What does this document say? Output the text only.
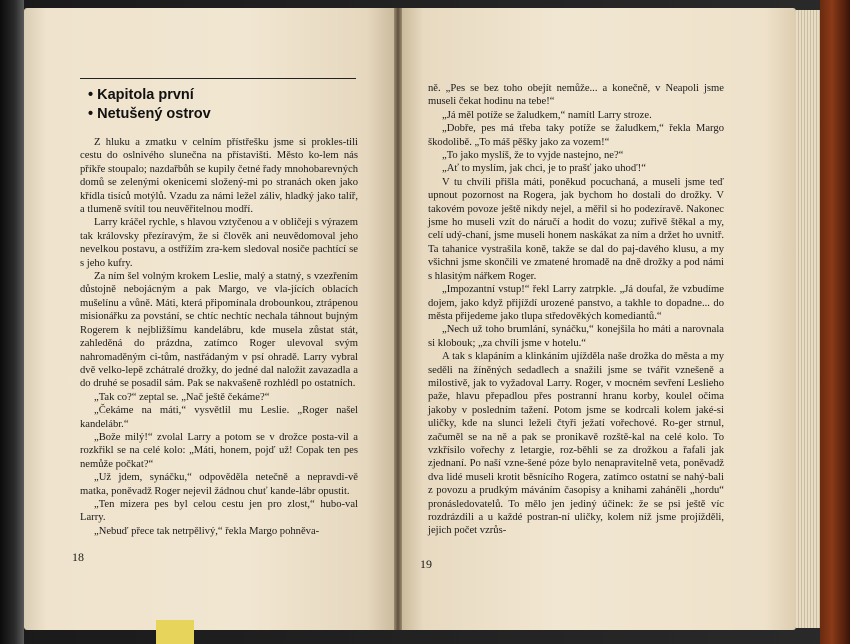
• Kapitola první
• Netušený ostrov

Z hluku a zmatku v celním přístřešku jsme si prokles-tili cestu do oslnivého slunečna na přístavišti. Město ko-lem nás příkře stoupalo; nazdařbůh se kupily četné řady mnohobarevných domů se zelenými okenicemi složený-mi po stranách oken jako křídla tisíců motýlů. Vzadu za námi ležel záliv, hladký jako talíř, a tlumeně svítil tou neuvěřitelnou modří.

Larry kráčel rychle, s hlavou vztyčenou a v obličeji s výrazem tak královsky přezíravým, že si člověk ani neuvědomoval jeho nevelkou postavu, a ostřížím zra-kem sledoval nosiče pachtící se s jeho kufry.

Za ním šel volným krokem Leslie, malý a statný, s vzezřením důstojně nebojácným a pak Margo, ve vla-jících oblacích mušelínu a vůně. Máti, která připomínala drobounkou, ztrápenou misionářku za povstání, se chtíc nechtíc nechala táhnout bujným Rogerem k nejbližšímu kandelábru, kde musela zůstat stát, zahleděná do prázdna, zatímco Roger ulevoval svým nahromaděným ci-tům, nastřádaným v psí ohradě. Larry vybral dvě velko-lepě zchátralé drožky, do jedné dal naložit zavazadla a do druhé se posadil sám. Pak se nakvašeně rozhlédl po ostatních.

„Tak co?“ zeptal se. „Nač ještě čekáme?“

„Čekáme na máti,“ vysvětlil mu Leslie. „Roger našel kandelábr.“

„Bože milý!“ zvolal Larry a potom se v drožce posta-vil a rozkřikl se na celé kolo: „Máti, honem, pojď už! Copak ten pes nemůže počkat?“

„Už jdem, synáčku,“ odpověděla netečně a nepravdi-vě matka, poněvadž Roger nejevil žádnou chuť kande-lábr opustit.

„Ten mizera pes byl celou cestu jen pro zlost,“ hubo-val Larry.

„Nebuď přece tak netrpělivý,“ řekla Margo pohněva-

ně. „Pes se bez toho obejít nemůže... a konečně, v Neapoli jsme museli čekat hodinu na tebe!“

„Já měl potíže se žaludkem,“ namítl Larry stroze.

„Dobře, pes má třeba taky potíže se žaludkem,“ řekla Margo škodolibě. „To máš pěšky jako za vozem!“

„To jako myslíš, že to vyjde nastejno, ne?“

„Ať to myslím, jak chci, je to prašť jako uhoď!“

V tu chvíli přišla máti, poněkud pocuchaná, a museli jsme teď upnout pozornost na Rogera, jak bychom ho dostali do drožky. V takovém povoze ještě nikdy nejel, a měřil si ho podezíravě. Nakonec jsme ho museli vzít do náručí a hodit do vozu; zuřivě štěkal a my, celí udý-chaní, jsme museli honem naskákat za ním a držet ho uvnitř. Ta tahanice vystrašila koně, takže se dal do paj-davého klusu, a my všichni jsme skončili ve zmatené hromadě na dně drožky a pod námi s hlasitým nářkem Roger.

„Impozantní vstup!“ řekl Larry zatrpkle. „Já doufal, že vzbudíme dojem, jako když přijíždí urozené panstvo, a takhle to dopadne... do města přijedeme jako tlupa středověkých komediantů.“

„Nech už toho brumlání, synáčku,“ konejšila ho máti a narovnala si klobouk; „za chvíli jsme v hotelu.“

A tak s klapáním a klinkáním ujížděla naše drožka do města a my seděli na žíněných sedadlech a snažili jsme se tvářit vznešeně a milostivě, jak to vyžadoval Larry. Roger, v mocném sevření Leslieho paže, hlavu přepadlou přes postranní hranu korby, koulel očima jakoby v posledním tažení. Potom jsme se kodrcali kolem jaké-si uličky, kde na slunci leželi čtyři ježatí vořechové. Ro-ger strnul, začuměl se na ně a pak se pronikavě rozště-kal na celé kolo. To vzkřísilo vořechy z letargie, roz-běhli se za drožkou a řafali jak zjednaní. Po naší vzne-šené póze bylo nenapravitelně veta, poněvadž dva lidé museli krotit běsnícího Rogera, zatímco ostatní se nahý-bali z povozu a prudkým máváním časopisy a knihami zaháněli „hordu“ pronásledovatelů. To mělo jen jediný účinek: že se psi ještě víc rozdrázdili a u každé postran-ní uličky, kolem níž jsme projížděli, jejich počet vzrůs-

18	19
